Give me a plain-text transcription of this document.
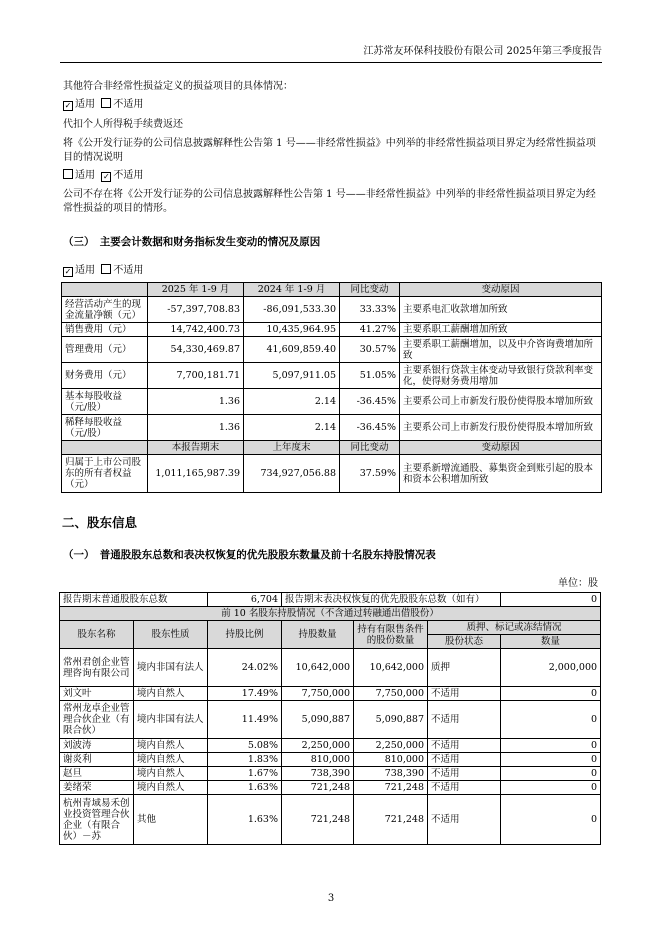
江苏常友环保科技股份有限公司 2025年第三季度报告

其他符合非经常性损益定义的损益项目的具体情况：

✓ 适用 不适用

代扣个人所得税手续费返还

将《公开发行证券的公司信息披露解释性公告第 1 号——非经常性损益》中列举的非经常性损益项目界定为经常性损益项目的情况说明

适用 ✓ 不适用

公司不存在将《公开发行证券的公司信息披露解释性公告第 1 号——非经常性损益》中列举的非经常性损益项目界定为经常性损益的项目的情形。

（三）　主要会计数据和财务指标发生变动的情况及原因

✓ 适用 不适用

	2025 年 1-9 月	2024 年 1-9 月	同比变动	变动原因
经营活动产生的现金流量净额（元）	-57,397,708.83	-86,091,533.30	33.33%	主要系电汇收款增加所致
销售费用（元）	14,742,400.73	10,435,964.95	41.27%	主要系职工薪酬增加所致
管理费用（元）	54,330,469.87	41,609,859.40	30.57%	主要系职工薪酬增加，以及中介咨询费增加所致
财务费用（元）	7,700,181.71	5,097,911.05	51.05%	主要系银行贷款主体变动导致银行贷款利率变化，使得财务费用增加
基本每股收益（元/股）	1.36	2.14	-36.45%	主要系公司上市新发行股份使得股本增加所致
稀释每股收益（元/股）	1.36	2.14	-36.45%	主要系公司上市新发行股份使得股本增加所致
	本报告期末	上年度末	同比变动	变动原因
归属于上市公司股东的所有者权益（元）	1,011,165,987.39	734,927,056.88	37.59%	主要系新增流通股、募集资金到账引起的股本和资本公积增加所致
二、股东信息
（一）　普通股股东总数和表决权恢复的优先股股东数量及前十名股东持股情况表
单位：股
报告期末普通股股东总数		6,704	报告期末表决权恢复的优先股股东总数（如有）			0
前 10 名股东持股情况（不含通过转融通出借股份）						
股东名称	股东性质	持股比例	持股数量	持有有限售条件的股份数量	质押、标记或冻结情况	
					股份状态	数量
常州君创企业管理咨询有限公司	境内非国有法人	24.02%	10,642,000	10,642,000	质押	2,000,000
刘文叶	境内自然人	17.49%	7,750,000	7,750,000	不适用	0
常州龙卓企业管理合伙企业（有限合伙）	境内非国有法人	11.49%	5,090,887	5,090,887	不适用	0
刘波涛	境内自然人	5.08%	2,250,000	2,250,000	不适用	0
谢炎利	境内自然人	1.83%	810,000	810,000	不适用	0
赵旦	境内自然人	1.67%	738,390	738,390	不适用	0
姜绪荣	境内自然人	1.63%	721,248	721,248	不适用	0
杭州青域易禾创业投资管理合伙企业（有限合伙）－苏	其他	1.63%	721,248	721,248	不适用	0
3
